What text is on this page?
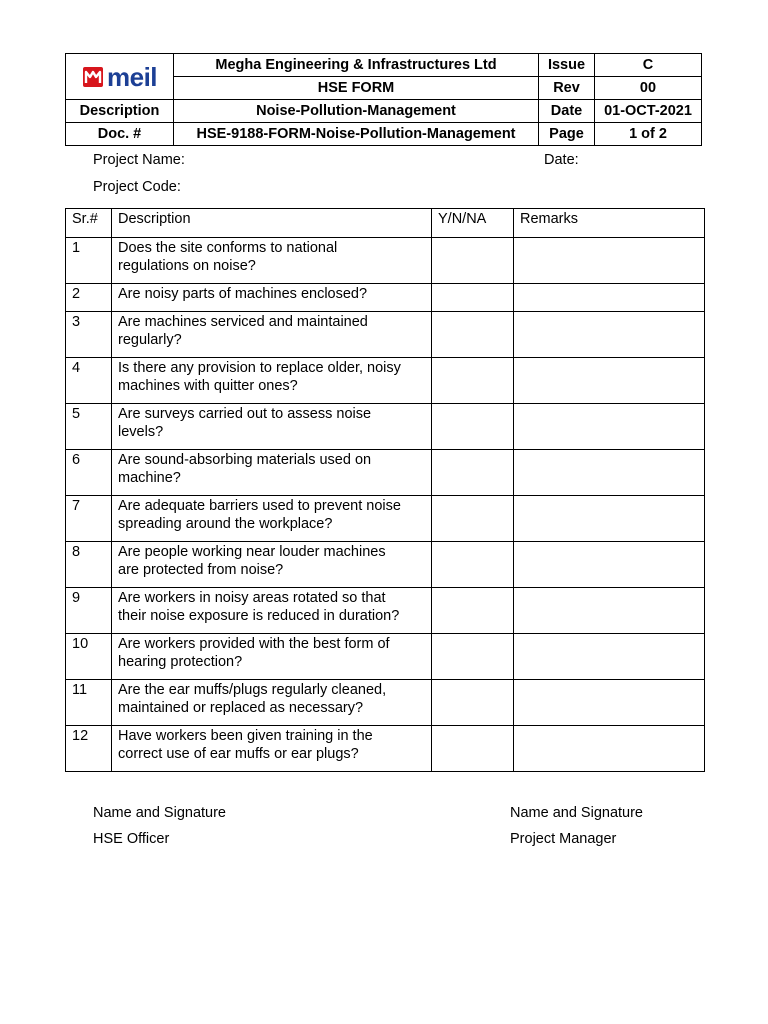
meil	Megha Engineering & Infrastructures Ltd	Issue	C
	HSE FORM	Rev	00
Description	Noise-Pollution-Management	Date	01-OCT-2021
Doc. #	HSE-9188-FORM-Noise-Pollution-Management	Page	1 of 2
Project Name:	Date:
Project Code:
Sr.#	Description	Y/N/NA	Remarks
1	Does the site conforms to national
regulations on noise?		

2	Are noisy parts of machines enclosed?		

3	Are machines serviced and maintained
regularly?		

4	Is there any provision to replace older, noisy
machines with quitter ones?		

5	Are surveys carried out to assess noise
levels?		

6	Are sound-absorbing materials used on
machine?		

7	Are adequate barriers used to prevent noise
spreading around the workplace?		

8	Are people working near louder machines
are protected from noise?		

9	Are workers in noisy areas rotated so that
their noise exposure is reduced in duration?		

10	Are workers provided with the best form of
hearing protection?		

11	Are the ear muffs/plugs regularly cleaned,
maintained or replaced as necessary?		

12	Have workers been given training in the
correct use of ear muffs or ear plugs?		

Name and Signature
HSE Officer
Name and Signature
Project Manager
